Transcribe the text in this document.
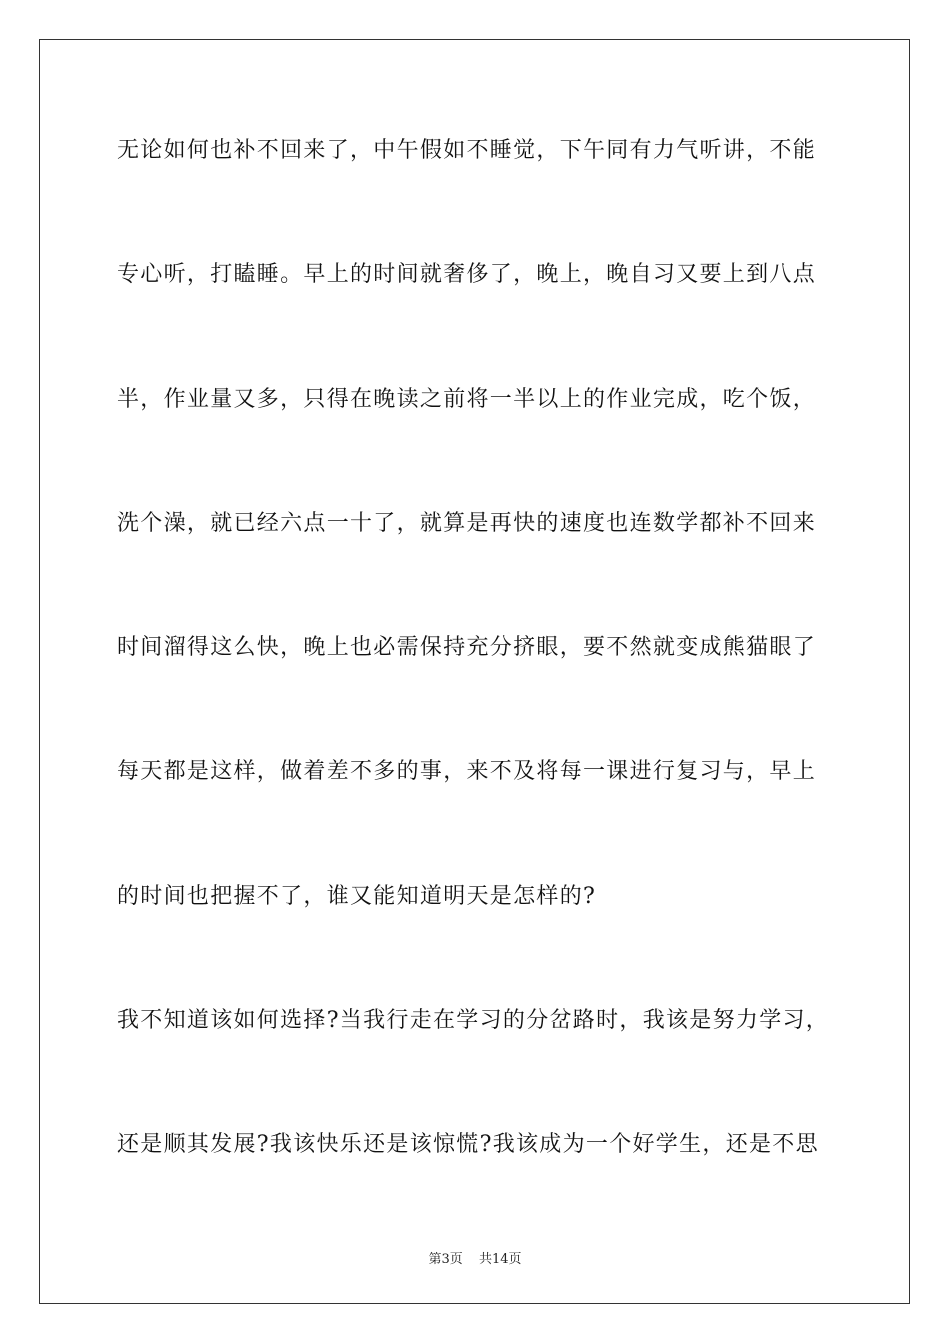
无论如何也补不回来了，中午假如不睡觉，下午同有力气听讲，不能
专心听，打瞌睡。早上的时间就奢侈了，晚上，晚自习又要上到八点
半，作业量又多，只得在晚读之前将一半以上的作业完成，吃个饭，
洗个澡，就已经六点一十了，就算是再快的速度也连数学都补不回来
时间溜得这么快，晚上也必需保持充分挤眼，要不然就变成熊猫眼了
每天都是这样，做着差不多的事，来不及将每一课进行复习与，早上
的时间也把握不了，谁又能知道明天是怎样的?
我不知道该如何选择?当我行走在学习的分岔路时，我该是努力学习，
还是顺其发展?我该快乐还是该惊慌?我该成为一个好学生，还是不思
第3页 共14页
